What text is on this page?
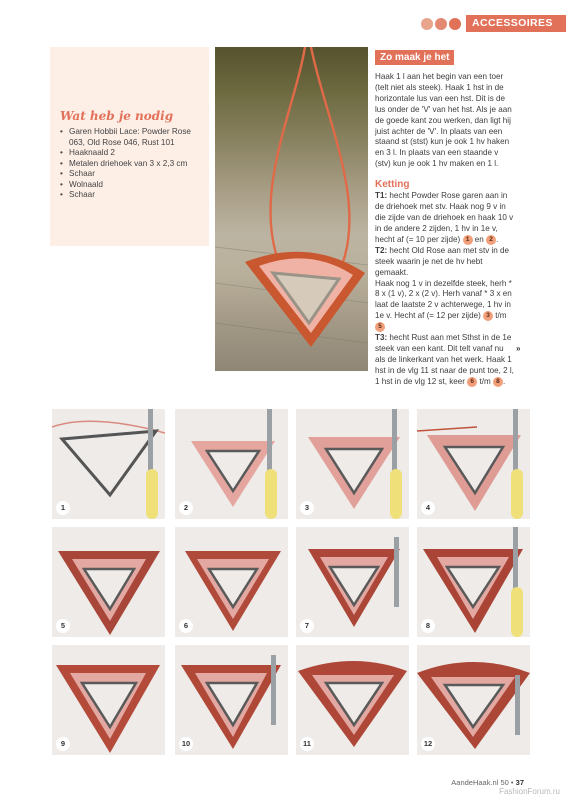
ACCESSOIRES
Wat heb je nodig
• Garen Hobbii Lace: Powder Rose 063, Old Rose 046, Rust 101
• Haaknaald 2
• Metalen driehoek van 3 x 2,3 cm
• Schaar
• Wolnaald
• Schaar
Zo maak je het

Haak 1 l aan het begin van een toer (telt niet als steek). Haak 1 hst in de horizontale lus van een hst. Dit is de lus onder de 'V' van het hst. Als je aan de goede kant zou werken, dan ligt hij juist achter de 'V'. In plaats van een staand st (stst) kun je ook 1 hv haken en 3 l. In plaats van een staande v (stv) kun je ook 1 hv maken en 1 l.

Ketting

T1: hecht Powder Rose garen aan in de driehoek met stv. Haak nog 9 v in die zijde van de driehoek en haak 10 v in de andere 2 zijden, 1 hv in 1e v, hecht af (= 10 per zijde) 1 en 2 .

T2: hecht Old Rose aan met stv in de steek waarin je net de hv hebt gemaakt.

Haak nog 1 v in dezelfde steek, herh * 8 x (1 v), 2 x (2 v). Herh vanaf * 3 x en laat de laatste 2 v achterwege, 1 hv in 1e v. Hecht af (= 12 per zijde) 3 t/m 5

T3: hecht Rust aan met Sthst in de 1e steek van een kant. Dit telt vanaf nu als de linkerkant van het werk. Haak 1 hst in de vlg 11 st naar de punt toe, 2 l, 1 hst in de vlg 12 st, keer 6 t/m 8 .

»
1	2	3	4
5	6	7	8
9	10	11	12
AandeHaak.nl 50 • 37
FashionForum.ru
